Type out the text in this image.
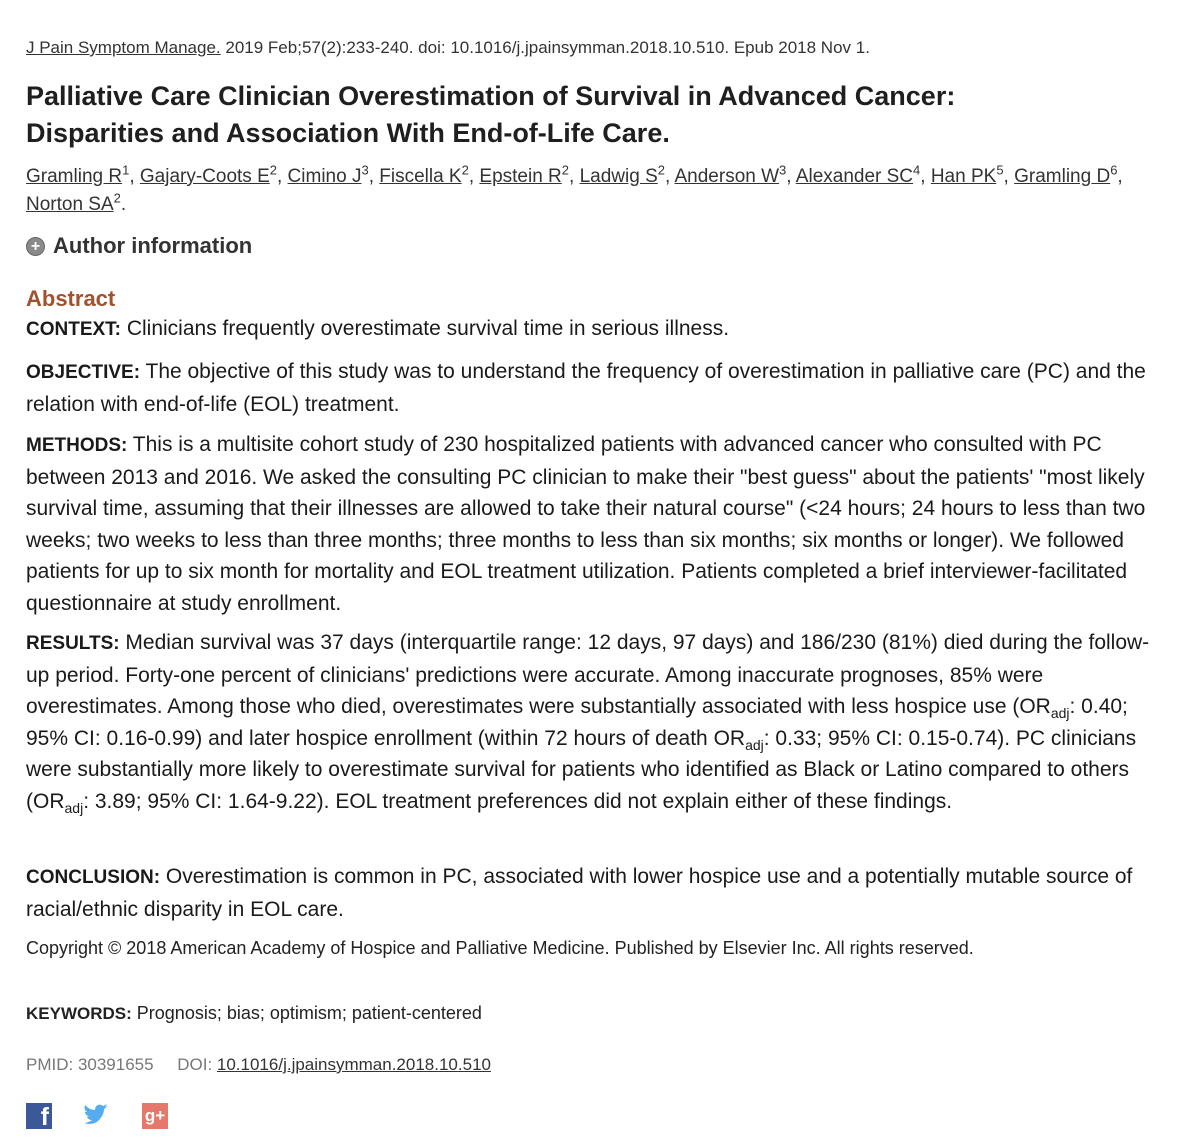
J Pain Symptom Manage. 2019 Feb;57(2):233-240. doi: 10.1016/j.jpainsymman.2018.10.510. Epub 2018 Nov 1.
Palliative Care Clinician Overestimation of Survival in Advanced Cancer:
Disparities and Association With End-of-Life Care.
Gramling $R^1$, Gajary-Coots $E^2$, Cimino $J^3$, Fiscella $K^2$, Epstein $R^2$, Ladwig $S^2$, Anderson $W^3$, Alexander $SC^4$, Han $PK^5$, Gramling $D^6$, Norton $SA^2$.
+ Author information
Abstract

CONTEXT: Clinicians frequently overestimate survival time in serious illness.

OBJECTIVE: The objective of this study was to understand the frequency of overestimation in palliative care (PC) and the relation with end-of-life (EOL) treatment.

METHODS: This is a multisite cohort study of 230 hospitalized patients with advanced cancer who consulted with PC between 2013 and 2016. We asked the consulting PC clinician to make their "best guess" about the patients' "most likely survival time, assuming that their illnesses are allowed to take their natural course" (<24 hours; 24 hours to less than two weeks; two weeks to less than three months; three months to less than six months; six months or longer). We followed patients for up to six month for mortality and EOL treatment utilization. Patients completed a brief interviewer-facilitated questionnaire at study enrollment.

RESULTS: Median survival was 37 days (interquartile range: 12 days, 97 days) and 186/230 (81%) died during the follow-up period. Forty-one percent of clinicians' predictions were accurate. Among inaccurate prognoses, 85% were overestimates. Among those who died, overestimates were substantially associated with less hospice use ($OR_{adj}$: 0.40; 95% CI: 0.16-0.99) and later hospice enrollment (within 72 hours of death $OR_{adj}$: 0.33; 95% CI: 0.15-0.74). PC clinicians were substantially more likely to overestimate survival for patients who identified as Black or Latino compared to others ($OR_{adj}$: 3.89; 95% CI: 1.64-9.22). EOL treatment preferences did not explain either of these findings.

CONCLUSION: Overestimation is common in PC, associated with lower hospice use and a potentially mutable source of racial/ethnic disparity in EOL care.

Copyright © 2018 American Academy of Hospice and Palliative Medicine. Published by Elsevier Inc. All rights reserved.
KEYWORDS: Prognosis; bias; optimism; patient-centered
PMID: 30391655 DOI: 10.1016/j.jpainsymman.2018.10.510
f	g+
